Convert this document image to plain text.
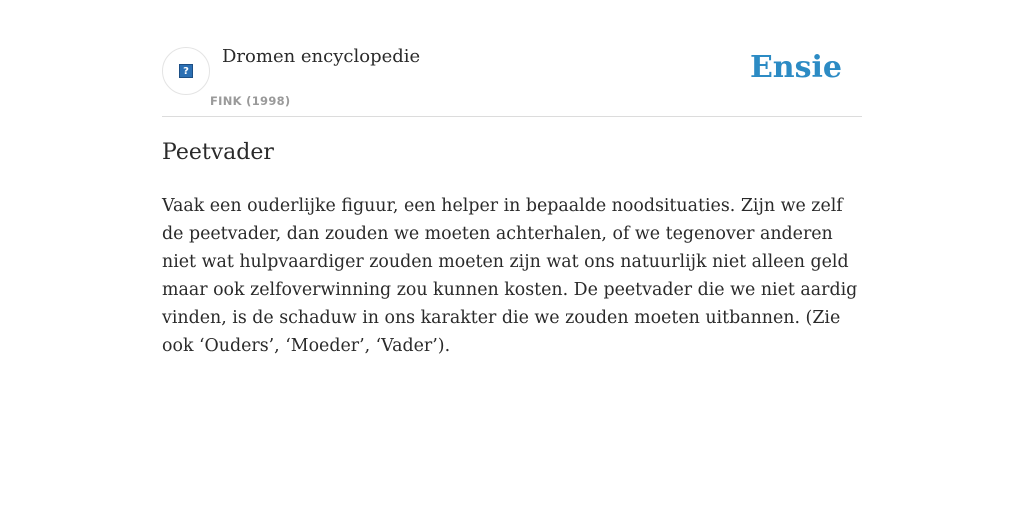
?
Dromen encyclopedie
FINK (1998)
Ensie
Peetvader

Vaak een ouderlijke figuur, een helper in bepaalde noodsituaties. Zijn we zelf de peetvader, dan zouden we moeten achterhalen, of we tegenover anderen niet wat hulpvaardiger zouden moeten zijn wat ons natuurlijk niet alleen geld maar ook zelfoverwinning zou kunnen kosten. De peetvader die we niet aardig vinden, is de schaduw in ons karakter die we zouden moeten uitbannen. (Zie ook ‘Ouders’, ‘Moeder’, ‘Vader’).
